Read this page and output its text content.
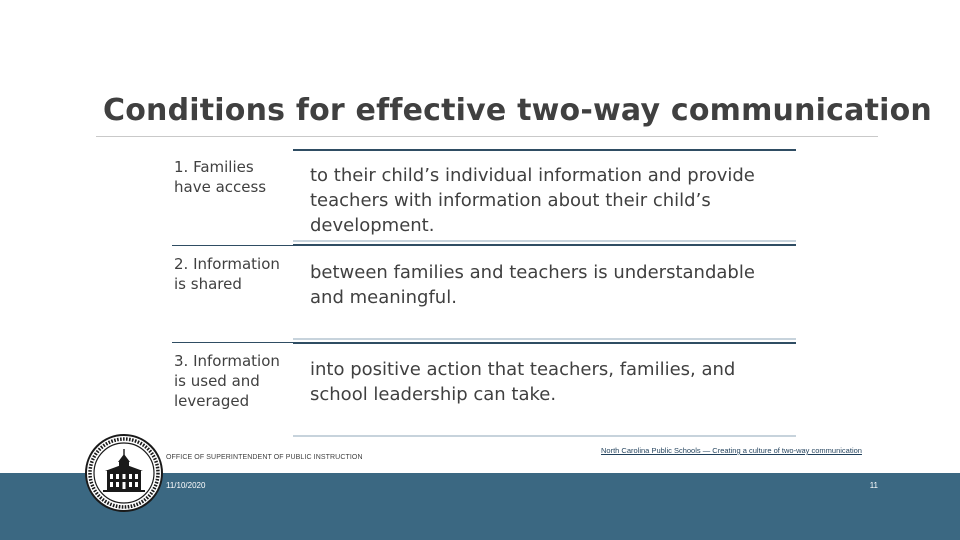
Conditions for effective two-way communication
1. Families
have access
to their child’s individual information and provide teachers with information about their child’s development.
2. Information
is shared
between families and teachers is understandable and meaningful.
3. Information
is used and
leveraged
into positive action that teachers, families, and school leadership can take.
OFFICE OF SUPERINTENDENT OF PUBLIC INSTRUCTION
North Carolina Public Schools — Creating a culture of two-way communication
11/10/2020	11
